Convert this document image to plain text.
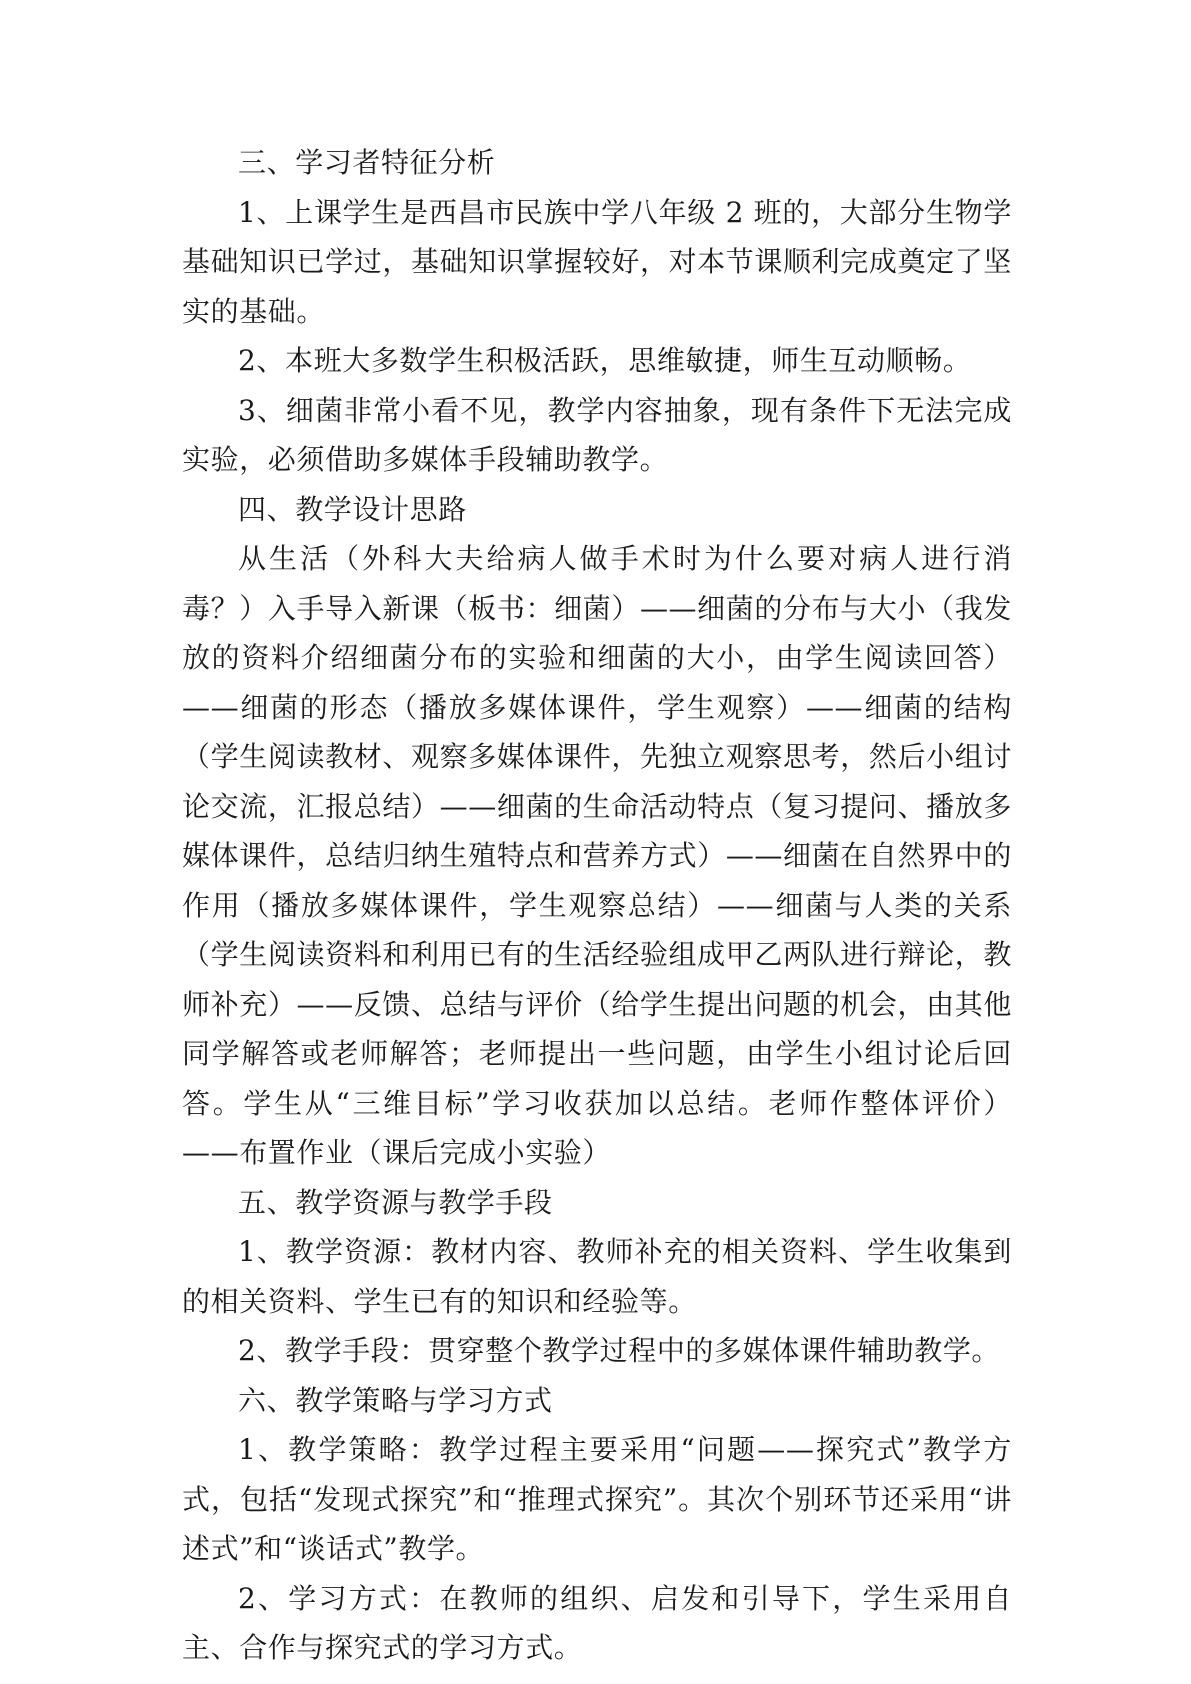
三、学习者特征分析

1、上课学生是西昌市民族中学八年级 2 班的，大部分生物学基础知识已学过，基础知识掌握较好，对本节课顺利完成奠定了坚实的基础。

2、本班大多数学生积极活跃，思维敏捷，师生互动顺畅。

3、细菌非常小看不见，教学内容抽象，现有条件下无法完成实验，必须借助多媒体手段辅助教学。

四、教学设计思路

从生活（外科大夫给病人做手术时为什么要对病人进行消毒？）入手导入新课（板书：细菌）——细菌的分布与大小（我发放的资料介绍细菌分布的实验和细菌的大小，由学生阅读回答）——细菌的形态（播放多媒体课件，学生观察）——细菌的结构（学生阅读教材、观察多媒体课件，先独立观察思考，然后小组讨论交流，汇报总结）——细菌的生命活动特点（复习提问、播放多媒体课件，总结归纳生殖特点和营养方式）——细菌在自然界中的作用（播放多媒体课件，学生观察总结）——细菌与人类的关系（学生阅读资料和利用已有的生活经验组成甲乙两队进行辩论，教师补充）——反馈、总结与评价（给学生提出问题的机会，由其他同学解答或老师解答；老师提出一些问题，由学生小组讨论后回答。学生从“三维目标”学习收获加以总结。老师作整体评价）——布置作业（课后完成小实验）

五、教学资源与教学手段

1、教学资源：教材内容、教师补充的相关资料、学生收集到的相关资料、学生已有的知识和经验等。

2、教学手段：贯穿整个教学过程中的多媒体课件辅助教学。

六、教学策略与学习方式

1、教学策略：教学过程主要采用“问题——探究式”教学方式，包括“发现式探究”和“推理式探究”。其次个别环节还采用“讲述式”和“谈话式”教学。

2、学习方式：在教师的组织、启发和引导下，学生采用自主、合作与探究式的学习方式。
